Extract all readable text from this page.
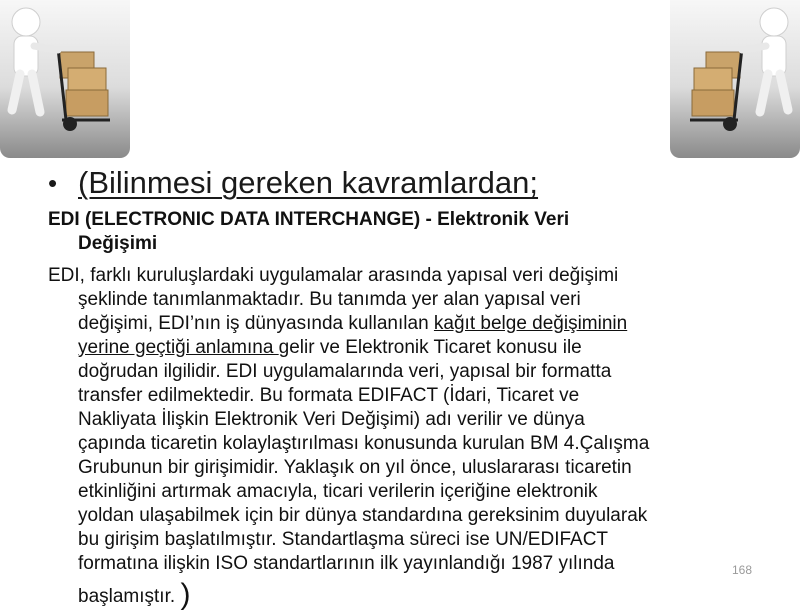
• (Bilinmesi gereken kavramlardan;
EDI (ELECTRONIC DATA INTERCHANGE) - Elektronik Veri
Değişimi
EDI, farklı kuruluşlardaki uygulamalar arasında yapısal veri değişimi
şeklinde tanımlanmaktadır. Bu tanımda yer alan yapısal veri
değişimi, EDI’nın iş dünyasında kullanılan kağıt belge değişiminin
yerine geçtiği anlamına gelir ve Elektronik Ticaret konusu ile
doğrudan ilgilidir. EDI uygulamalarında veri, yapısal bir formatta
transfer edilmektedir. Bu formata EDIFACT (İdari, Ticaret ve
Nakliyata İlişkin Elektronik Veri Değişimi) adı verilir ve dünya
çapında ticaretin kolaylaştırılması konusunda kurulan BM 4.Çalışma
Grubunun bir girişimidir. Yaklaşık on yıl önce, uluslararası ticaretin
etkinliğini artırmak amacıyla, ticari verilerin içeriğine elektronik
yoldan ulaşabilmek için bir dünya standardına gereksinim duyularak
bu girişim başlatılmıştır. Standartlaşma süreci ise UN/EDIFACT
formatına ilişkin ISO standartlarının ilk yayınlandığı 1987 yılında
başlamıştır. )
168
